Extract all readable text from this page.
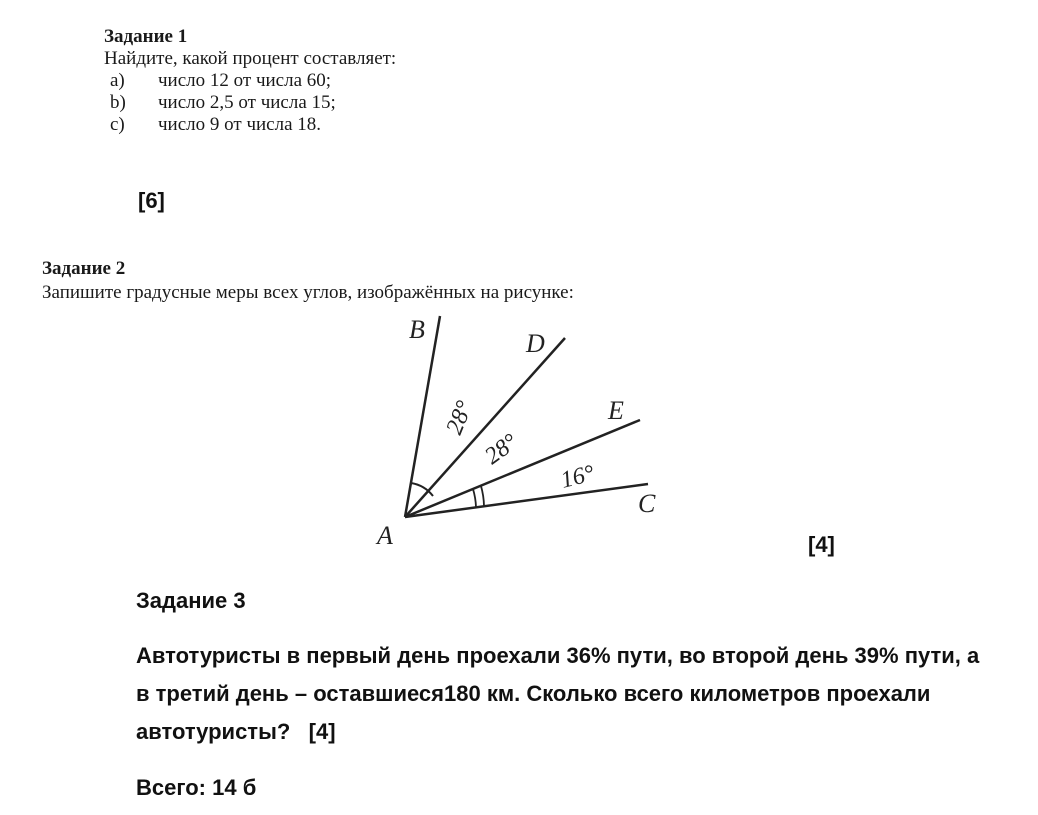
Задание 1
Найдите, какой процент составляет:
a) число 12 от числа 60;
b) число 2,5 от числа 15;
c) число 9 от числа 18.
[6]
Задание 2
Запишите градусные меры всех углов, изображённых на рисунке:
B	D
E
C
A
28°
28°
16°
[4]
Задание 3
Автотуристы в первый день проехали 36% пути, во второй день 39% пути, а
в третий день – оставшиеся180 км. Сколько всего километров проехали
автотуристы?   [4]
Всего: 14 б
